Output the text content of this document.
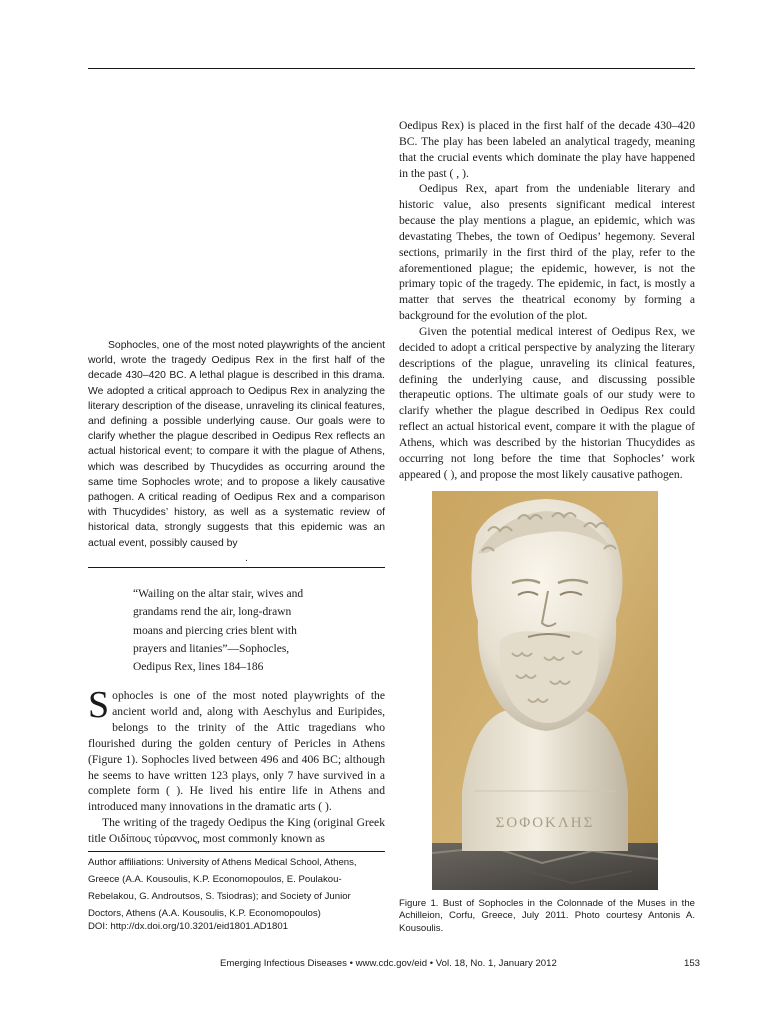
Sophocles, one of the most noted playwrights of the ancient world, wrote the tragedy Oedipus Rex in the first half of the decade 430–420 BC. A lethal plague is described in this drama. We adopted a critical approach to Oedipus Rex in analyzing the literary description of the disease, unraveling its clinical features, and defining a possible underlying cause. Our goals were to clarify whether the plague described in Oedipus Rex reflects an actual historical event; to compare it with the plague of Athens, which was described by Thucydides as occurring around the same time Sophocles wrote; and to propose a likely causative pathogen. A critical reading of Oedipus Rex and a comparison with Thucydides’ history, as well as a systematic review of historical data, strongly suggests that this epidemic was an actual event, possibly caused by
.

“Wailing on the altar stair, wives and
grandams rend the air, long-drawn
moans and piercing cries blent with
prayers and litanies”—Sophocles,
Oedipus Rex, lines 184–186

Sophocles is one of the most noted playwrights of the ancient world and, along with Aeschylus and Euripides, belongs to the trinity of the Attic tragedians who flourished during the golden century of Pericles in Athens (Figure 1). Sophocles lived between 496 and 406 BC; although he seems to have written 123 plays, only 7 have survived in a complete form ( ). He lived his entire life in Athens and introduced many innovations in the dramatic arts ( ).

The writing of the tragedy Oedipus the King (original Greek title Οιδίπους τύραννος, most commonly known as

Author affiliations: University of Athens Medical School, Athens, Greece (A.A. Kousoulis, K.P. Economopoulos, E. Poulakou-Rebelakou, G. Androutsos, S. Tsiodras); and Society of Junior Doctors, Athens (A.A. Kousoulis, K.P. Economopoulos)

DOI: http://dx.doi.org/10.3201/eid1801.AD1801

Oedipus Rex) is placed in the first half of the decade 430–420 BC. The play has been labeled an analytical tragedy, meaning that the crucial events which dominate the play have happened in the past ( , ).

Oedipus Rex, apart from the undeniable literary and historic value, also presents significant medical interest because the play mentions a plague, an epidemic, which was devastating Thebes, the town of Oedipus’ hegemony. Several sections, primarily in the first third of the play, refer to the aforementioned plague; the epidemic, however, is not the primary topic of the tragedy. The epidemic, in fact, is mostly a matter that serves the theatrical economy by forming a background for the evolution of the plot.

Given the potential medical interest of Oedipus Rex, we decided to adopt a critical perspective by analyzing the literary descriptions of the plague, unraveling its clinical features, defining the underlying cause, and discussing possible therapeutic options. The ultimate goals of our study were to clarify whether the plague described in Oedipus Rex could reflect an actual historical event, compare it with the plague of Athens, which was described by the historian Thucydides as occurring not long before the time that Sophocles’ work appeared ( ), and propose the most likely causative pathogen.

ΣΟΦΟΚΛΗΣ

Figure 1. Bust of Sophocles in the Colonnade of the Muses in the Achilleion, Corfu, Greece, July 2011. Photo courtesy Antonis A. Kousoulis.

Emerging Infectious Diseases • www.cdc.gov/eid • Vol. 18, No. 1, January 2012	153
